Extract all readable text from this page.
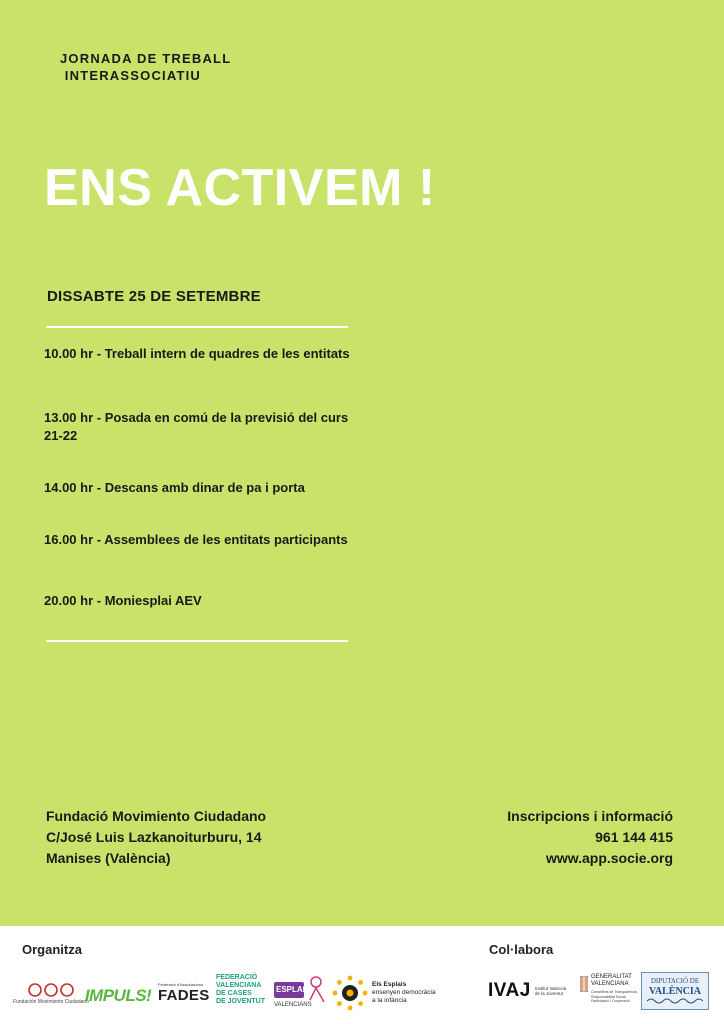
JORNADA DE TREBALL
INTERASSOCIATIU
ENS ACTIVEM !
DISSABTE 25 DE SETEMBRE
10.00 hr - Treball intern de quadres de les entitats
13.00 hr - Posada en comú de la previsió del curs 21-22
14.00 hr - Descans amb dinar de pa i porta
16.00 hr - Assemblees de les entitats participants
20.00 hr - Moniesplai AEV
Fundació Movimiento Ciudadano
C/José Luis Lazkanoiturburu, 14
Manises (València)
Inscripcions i informació
961 144 415
www.app.socie.org
Organitza	Col·labora
Fundación Movimiento Ciudadano
IMPULS!
Federació d'Associacions
FADES
FEDERACIÓ
VALENCIANA
DE CASES
DE JOVENTUT
ESPLAIS
VALENCIANS
Els Esplais
ensenyen democràcia
a la infància	IVAJ Institut Valencià
de la Joventut
GENERALITAT
VALENCIANA
Conselleria de Transparència,
Responsabilitat Social,
Participació i Cooperació
DIPUTACIÓ DE
VALÈNCIA
